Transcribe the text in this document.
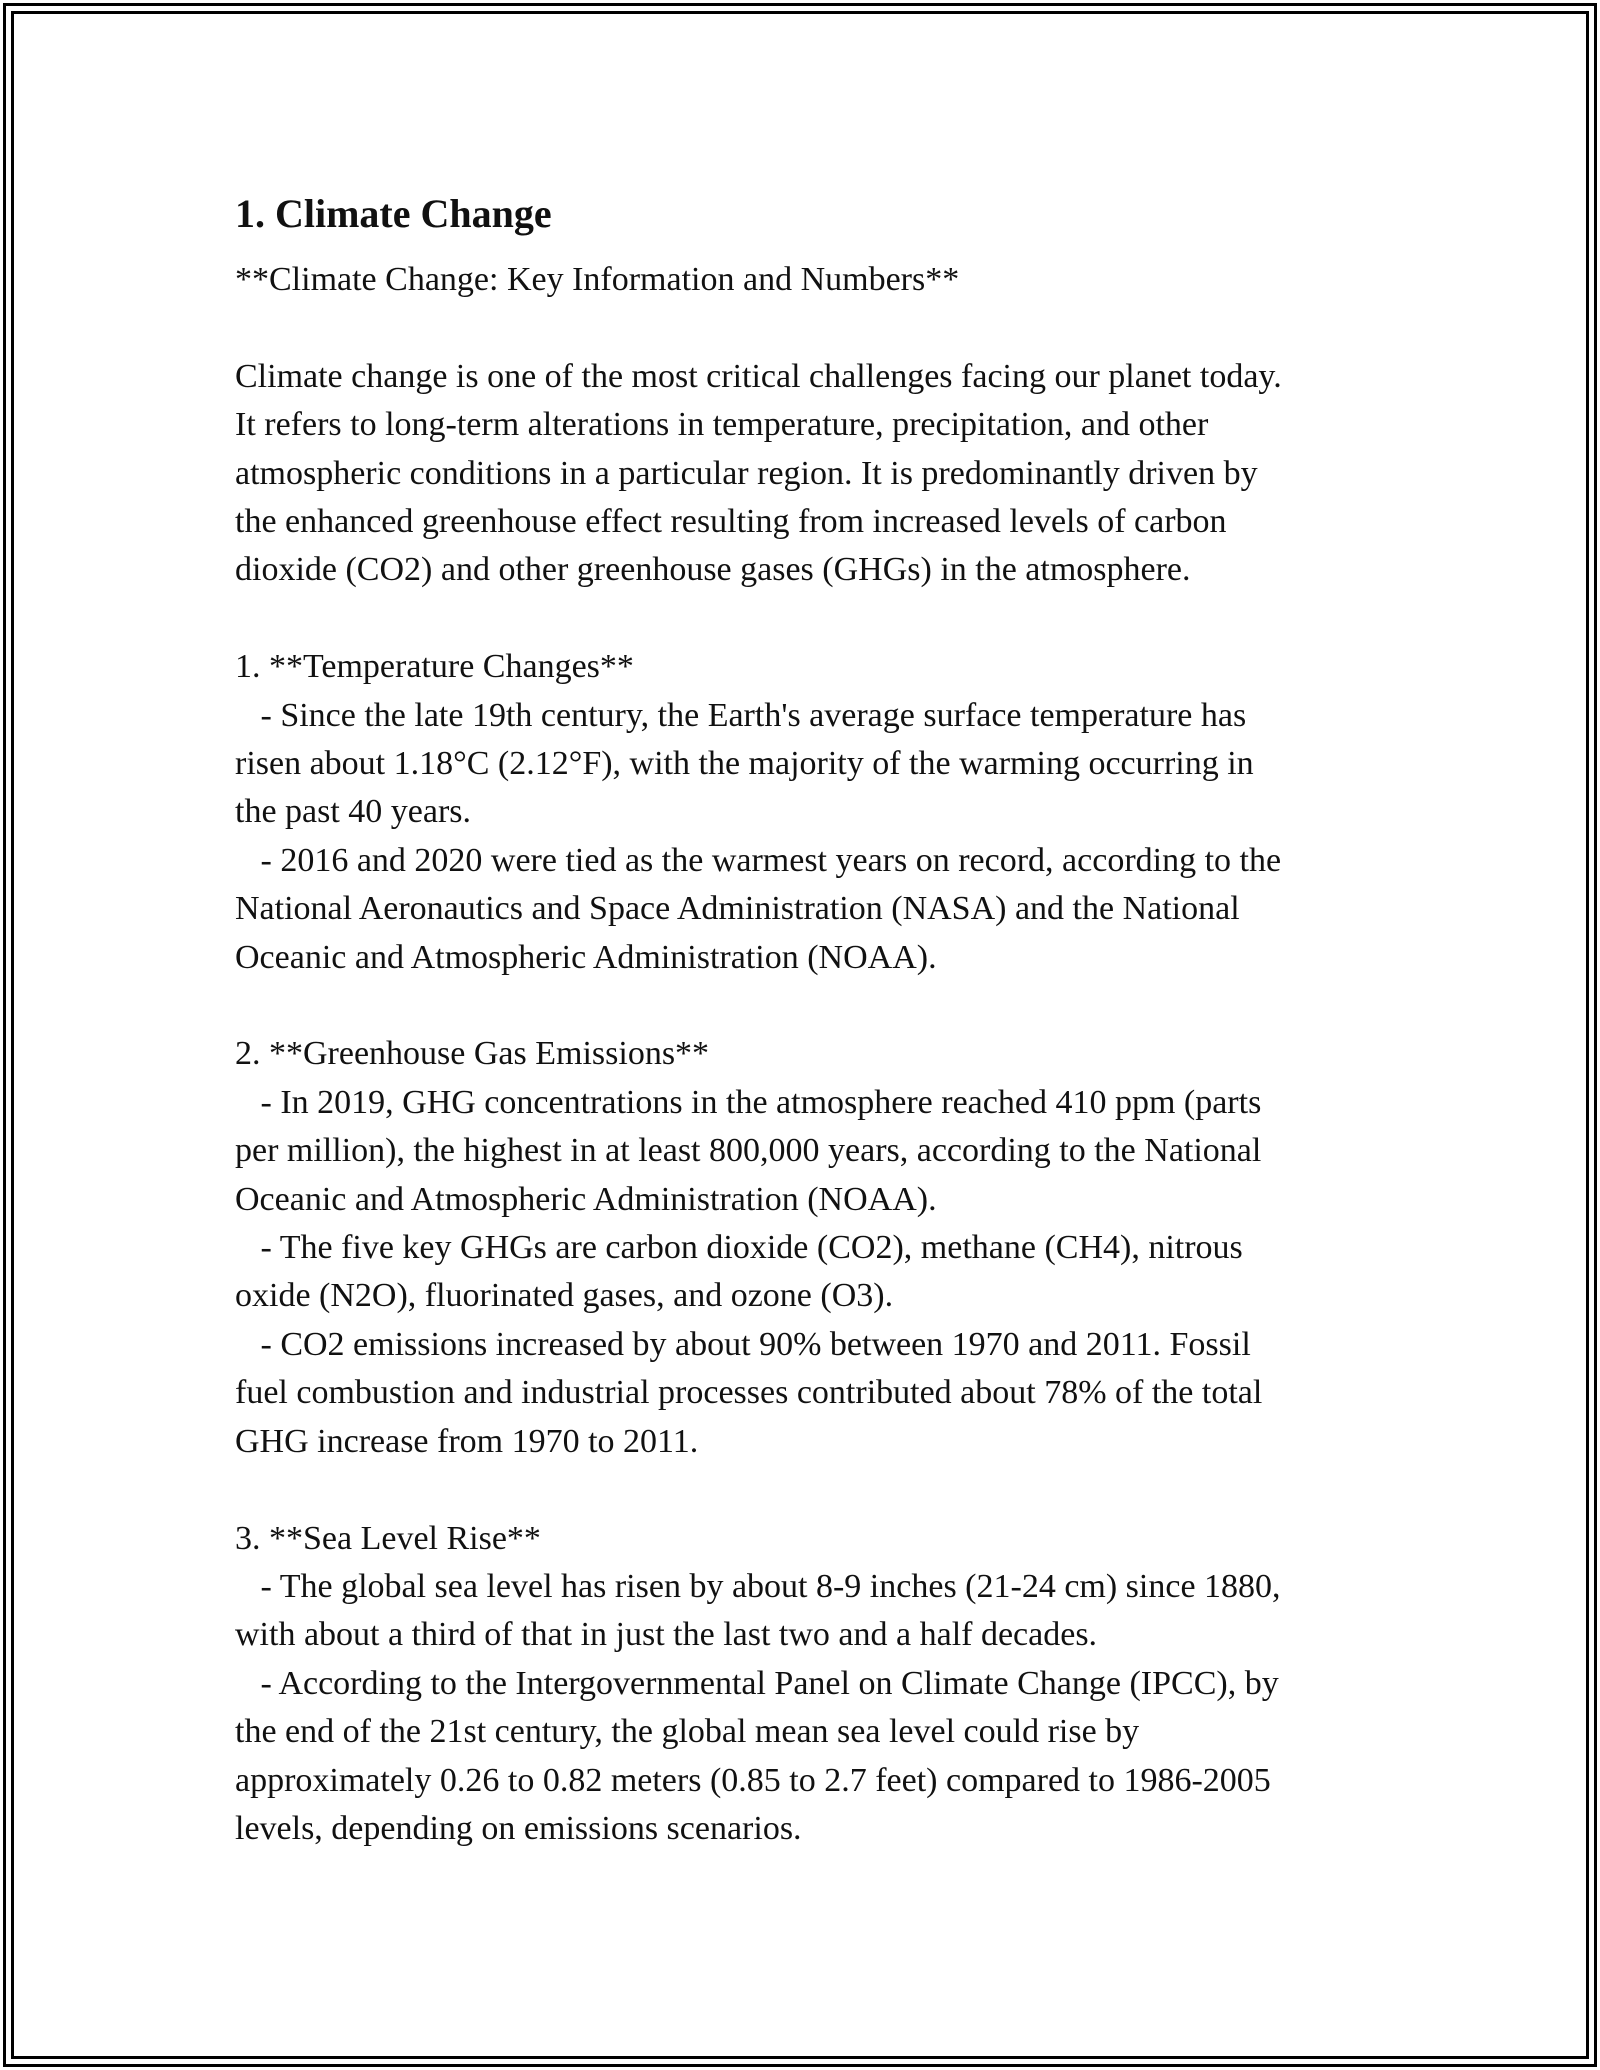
1. Climate Change
**Climate Change: Key Information and Numbers**
Climate change is one of the most critical challenges facing our planet today.
It refers to long-term alterations in temperature, precipitation, and other
atmospheric conditions in a particular region. It is predominantly driven by
the enhanced greenhouse effect resulting from increased levels of carbon
dioxide (CO2) and other greenhouse gases (GHGs) in the atmosphere.
1. **Temperature Changes**
- Since the late 19th century, the Earth's average surface temperature has
risen about 1.18°C (2.12°F), with the majority of the warming occurring in
the past 40 years.
- 2016 and 2020 were tied as the warmest years on record, according to the
National Aeronautics and Space Administration (NASA) and the National
Oceanic and Atmospheric Administration (NOAA).
2. **Greenhouse Gas Emissions**
- In 2019, GHG concentrations in the atmosphere reached 410 ppm (parts
per million), the highest in at least 800,000 years, according to the National
Oceanic and Atmospheric Administration (NOAA).
- The five key GHGs are carbon dioxide (CO2), methane (CH4), nitrous
oxide (N2O), fluorinated gases, and ozone (O3).
- CO2 emissions increased by about 90% between 1970 and 2011. Fossil
fuel combustion and industrial processes contributed about 78% of the total
GHG increase from 1970 to 2011.
3. **Sea Level Rise**
- The global sea level has risen by about 8-9 inches (21-24 cm) since 1880,
with about a third of that in just the last two and a half decades.
- According to the Intergovernmental Panel on Climate Change (IPCC), by
the end of the 21st century, the global mean sea level could rise by
approximately 0.26 to 0.82 meters (0.85 to 2.7 feet) compared to 1986-2005
levels, depending on emissions scenarios.
